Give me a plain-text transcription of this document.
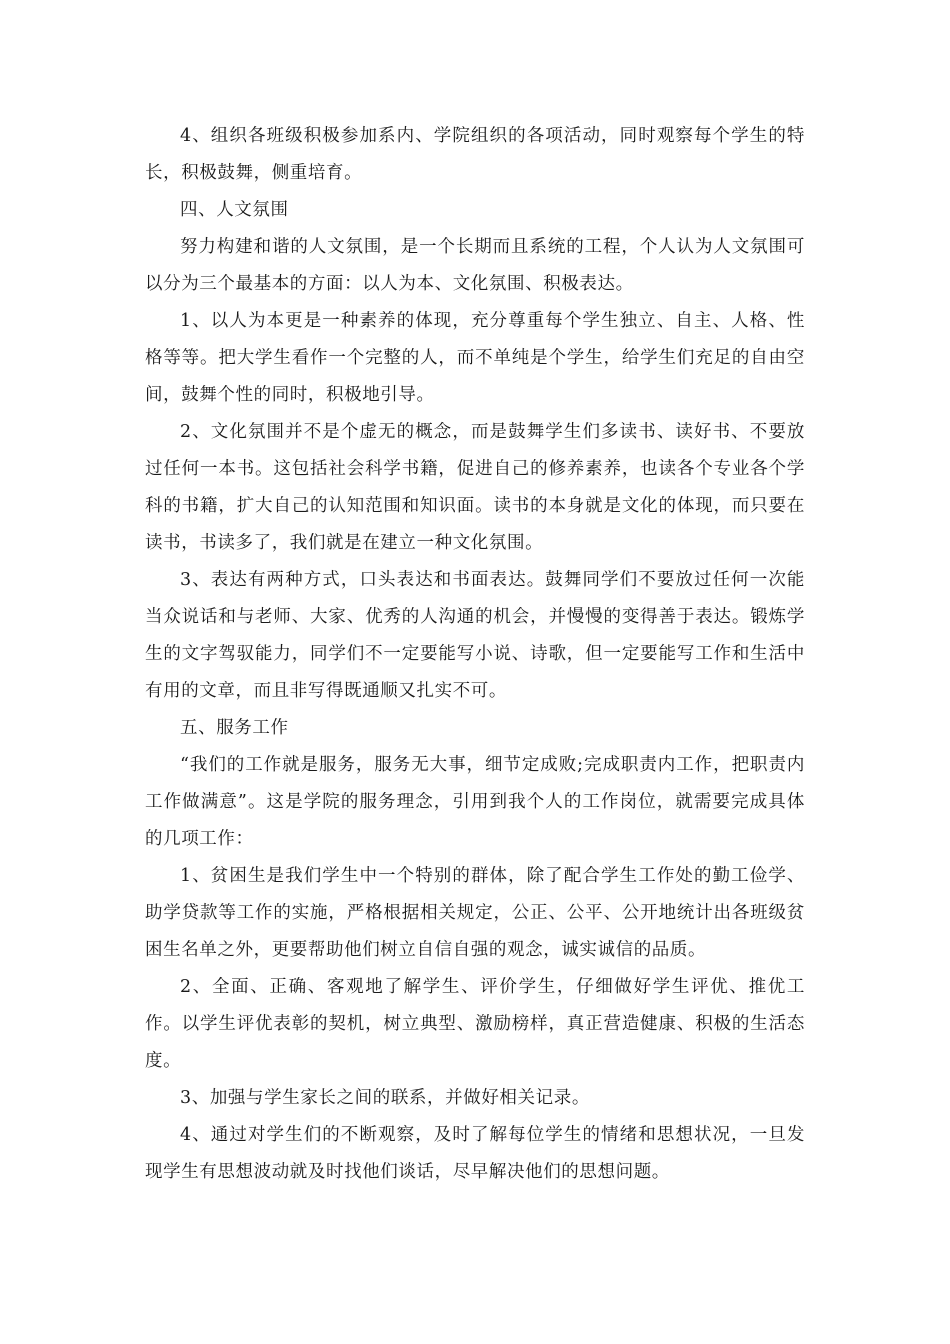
4、组织各班级积极参加系内、学院组织的各项活动，同时观察每个学生的特长，积极鼓舞，侧重培育。

四、人文氛围

努力构建和谐的人文氛围，是一个长期而且系统的工程，个人认为人文氛围可以分为三个最基本的方面：以人为本、文化氛围、积极表达。

1、以人为本更是一种素养的体现，充分尊重每个学生独立、自主、人格、性格等等。把大学生看作一个完整的人，而不单纯是个学生，给学生们充足的自由空间，鼓舞个性的同时，积极地引导。

2、文化氛围并不是个虚无的概念，而是鼓舞学生们多读书、读好书、不要放过任何一本书。这包括社会科学书籍，促进自己的修养素养，也读各个专业各个学科的书籍，扩大自己的认知范围和知识面。读书的本身就是文化的体现，而只要在读书，书读多了，我们就是在建立一种文化氛围。

3、表达有两种方式，口头表达和书面表达。鼓舞同学们不要放过任何一次能当众说话和与老师、大家、优秀的人沟通的机会，并慢慢的变得善于表达。锻炼学生的文字驾驭能力，同学们不一定要能写小说、诗歌，但一定要能写工作和生活中有用的文章，而且非写得既通顺又扎实不可。

五、服务工作

“我们的工作就是服务，服务无大事，细节定成败;完成职责内工作，把职责内工作做满意”。这是学院的服务理念，引用到我个人的工作岗位，就需要完成具体的几项工作：

1、贫困生是我们学生中一个特别的群体，除了配合学生工作处的勤工俭学、助学贷款等工作的实施，严格根据相关规定，公正、公平、公开地统计出各班级贫困生名单之外，更要帮助他们树立自信自强的观念，诚实诚信的品质。

2、全面、正确、客观地了解学生、评价学生，仔细做好学生评优、推优工作。以学生评优表彰的契机，树立典型、激励榜样，真正营造健康、积极的生活态度。

3、加强与学生家长之间的联系，并做好相关记录。

4、通过对学生们的不断观察，及时了解每位学生的情绪和思想状况，一旦发现学生有思想波动就及时找他们谈话，尽早解决他们的思想问题。
